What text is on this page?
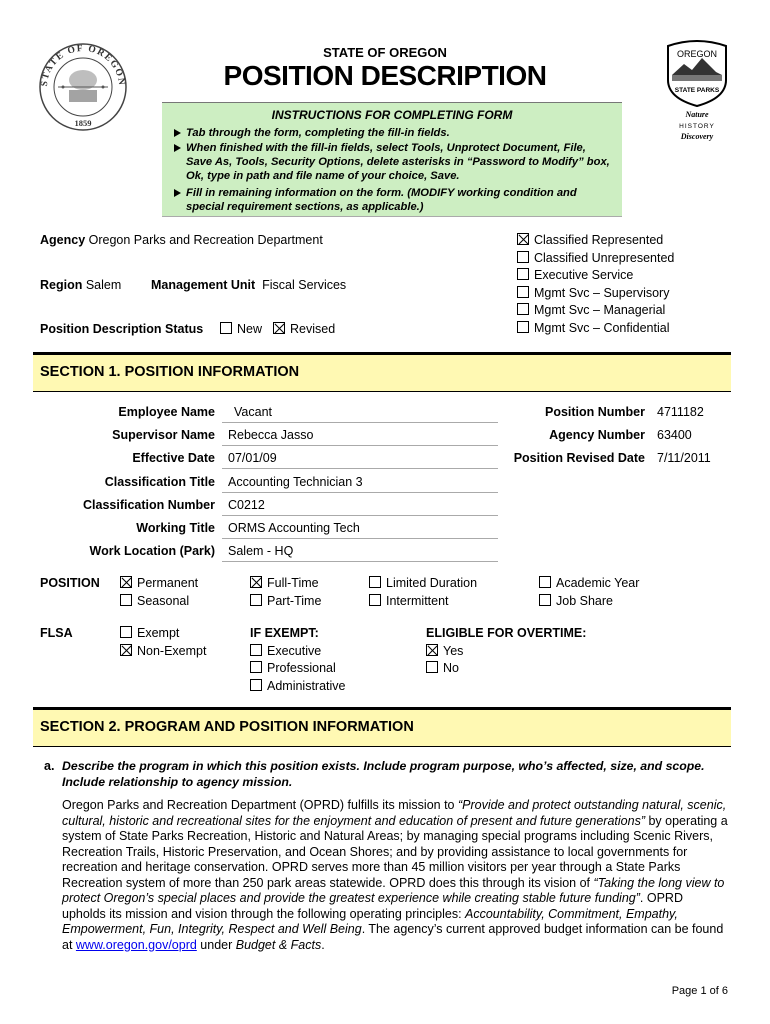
STATE OF OREGON
1859
OREGON
STATE PARKS
Nature
HISTORY
Discovery
STATE OF OREGON
POSITION DESCRIPTION
INSTRUCTIONS FOR COMPLETING FORM
Tab through the form, completing the fill-in fields.
When finished with the fill-in fields, select Tools, Unprotect Document, File, Save As, Tools, Security Options, delete asterisks in “Password to Modify” box, Ok, type in path and file name of your choice, Save.
Fill in remaining information on the form. (MODIFY working condition and special requirement sections, as applicable.)
Agency Oregon Parks and Recreation Department
Region Salem Management Unit Fiscal Services
Position Description Status	New	Revised
Classified Represented
Classified Unrepresented
Executive Service
Mgmt Svc – Supervisory
Mgmt Svc – Managerial
Mgmt Svc – Confidential
SECTION 1. POSITION INFORMATION
Employee Name	Vacant
Supervisor Name	Rebecca Jasso
Effective Date	07/01/09
Classification Title	Accounting Technician 3
Classification Number	C0212
Working Title	ORMS Accounting Tech
Work Location (Park)	Salem - HQ
Position Number 4711182
Agency Number 63400
Position Revised Date 7/11/2011
POSITION	Permanent
Seasonal
Full-Time
Part-Time
Limited Duration
Intermittent
Academic Year
Job Share
FLSA	Exempt
Non-Exempt
IF EXEMPT:
Executive
Professional
Administrative
ELIGIBLE FOR OVERTIME:
Yes
No
SECTION 2. PROGRAM AND POSITION INFORMATION
a. Describe the program in which this position exists. Include program purpose, who’s affected, size, and scope. Include relationship to agency mission.
Oregon Parks and Recreation Department (OPRD) fulfills its mission to “Provide and protect outstanding natural, scenic, cultural, historic and recreational sites for the enjoyment and education of present and future generations” by operating a system of State Parks Recreation, Historic and Natural Areas; by managing special programs including Scenic Rivers, Recreation Trails, Historic Preservation, and Ocean Shores; and by providing assistance to local governments for recreation and heritage conservation. OPRD serves more than 45 million visitors per year through a State Parks Recreation system of more than 250 park areas statewide. OPRD does this through its vision of “Taking the long view to protect Oregon’s special places and provide the greatest experience while creating stable future funding”. OPRD upholds its mission and vision through the following operating principles: Accountability, Commitment, Empathy, Empowerment, Fun, Integrity, Respect and Well Being. The agency’s current approved budget information can be found at www.oregon.gov/oprd under Budget & Facts.
Page 1 of 6
